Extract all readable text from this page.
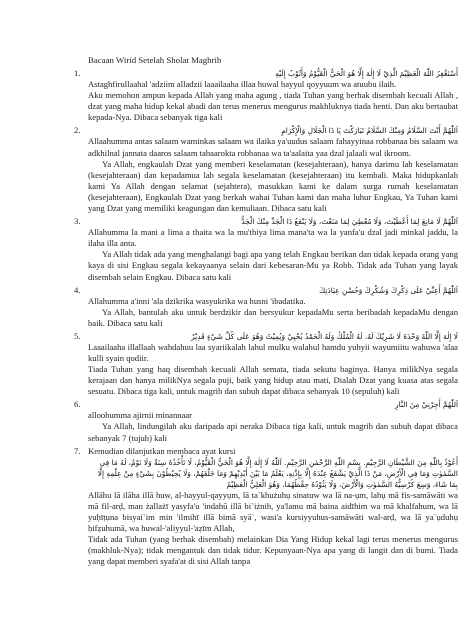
Bacaan Wirid Setelah Sholat Maghrib
1.	أَسْتَغْفِرُ اللّٰهَ الْعَظِيْمَ الَّذِيْ لَا إِلٰهَ إِلَّا هُوَ الْحَيُّ الْقَيُّوْمُ وَأَتُوْبُ إِلَيْهِ
Astaghfirullaahal 'adziim alladzii laaailaaha illaa huwal hayyul qoyyuum wa atuubu ilaih.
Aku memohon ampun kepada Allah yang maha agung , tiada Tuhan yang berhak disembah kecuali Allah , dzat yang maha hidup kekal abadi dan terus menerus mengurus makhluknya tiada henti. Dan aku bertaubat kepada-Nya. Dibaca sebanyak tiga kali
2.	اَللّٰهُمَّ أَنْتَ السَّلَامُ وَمِنْكَ السَّلَامُ تَبَارَكْتَ يَا ذَا الْجَلَالِ وَالْإِكْرَامِ
Allaahumma antas salaam waminkas salaam wa ilaika ya'uudus salaam fahayyinaa robbanaa bis salaam wa adkhilnal jannata daaros salaam tabaarokta robbanaa wa ta'aalaita yaa dzal jalaali wal ikroom.
Ya Allah, engkaulah Dzat yang memberi keselamatan (kesejahteraan), hanya darimu lah keselamatan (kesejahteraan) dan kepadamua lah segala keselamatan (kesejahteraan) itu kembali. Maka hidupkanlah kami Ya Allah dengan selamat (sejahtera), masukkan kami ke dalam surga rumah keselamatan (kesejahteraan), Engkaulah Dzat yang berkah wahai Tuhan kami dan maha luhur Engkau, Ya Tuhan kami yang Dzat yang memiliki keagungan dan kemuliaan. Dibaca satu kali
3.	اَللّٰهُمَّ لَا مَانِعَ لِمَا أَعْطَيْتَ، وَلَا مُعْطِيَ لِمَا مَنَعْتَ، وَلَا يَنْفَعُ ذَا الْجَدِّ مِنْكَ الْجَدُّ
Allahumma la mani a lima a thaita wa la mu'thiya lima mana'ta wa la yanfa'u dzal jadi minkal jaddu, la ilaha illa anta.
Ya Allah tidak ada yang menghalangi bagi apa yang telah Engkau berikan dan tidak kepada orang yang kaya di sisi Engkau segala kekayaanya selain dari kebesaran-Mu ya Robb. Tidak ada Tuhan yang layak disembah selain Engkau. Dibaca satu kali
4.	اَللّٰهُمَّ أَعِنِّيْ عَلَى ذِكْرِكَ وَشُكْرِكَ وَحُسْنِ عِبَادَتِكَ
Allahumma a'inni 'ala dzikrika wasyukrika wa husni 'ibadatika.
Ya Allah, bantulah aku untuk berdzikir dan bersyukur kepadaMu serta beribadah kepadaMu dengan baik. Dibaca satu kali
5.	لَا إِلٰهَ إِلَّا اللّٰهُ وَحْدَهُ لَا شَرِيْكَ لَهُ، لَهُ الْمُلْكُ وَلَهُ الْحَمْدُ يُحْيِيْ وَيُمِيْتُ وَهُوَ عَلَى كُلِّ شَيْءٍ قَدِيْرٌ
Laaailaaha illallaah wahdahuu laa syariikalah lahul mulku walahul hamdu yuhyii wayumiitu wahuwa 'alaa kulli syain qodiir.
Tiada Tuhan yang haq disembah kecuali Allah semata, tiada sekutu baginya. Hanya milikNya segala kerajaan dan hanya milikNya segala puji, baik yang hidup atau mati, Dialah Dzat yang kuasa atas segala sesuatu. Dibaca tiga kali, untuk magrib dan subuh dapat dibaca sebanyak 10 (sepuluh) kali
6.	اَللّٰهُمَّ أَجِرْنِيْ مِنَ النَّارِ
alloohumma ajirnii minannaar
Ya Allah, lindungilah aku daripada api neraka Dibaca tiga kali, untuk magrib dan subuh dapat dibaca sebanyak 7 (tujuh) kali
7. Kemudian dilanjutkan membaca ayat kursi
أَعُوْذُ بِاللّٰهِ مِنَ الشَّيْطَانِ الرَّجِيْمِ. بِسْمِ اللّٰهِ الرَّحْمٰنِ الرَّحِيْمِ. اَللّٰهُ لَا إِلٰهَ إِلَّا هُوَ الْحَيُّ الْقَيُّوْمُ، لَا تَأْخُذُهُ سِنَةٌ وَلَا نَوْمٌ، لَهُ مَا فِي السَّمٰوٰتِ وَمَا فِي الْأَرْضِ، مَنْ ذَا الَّذِيْ يَشْفَعُ عِنْدَهُ إِلَّا بِإِذْنِهِ، يَعْلَمُ مَا بَيْنَ أَيْدِيْهِمْ وَمَا خَلْفَهُمْ، وَلَا يُحِيْطُوْنَ بِشَيْءٍ مِنْ عِلْمِهِ إِلَّا بِمَا شَاءَ، وَسِعَ كُرْسِيُّهُ السَّمٰوٰتِ وَالْأَرْضَ، وَلَا يَئُوْدُهُ حِفْظُهُمَا، وَهُوَ الْعَلِيُّ الْعَظِيْمُ
Allāhu lā ilāha illā huw, al-hayyul-qayyụm, lā ta`khużuhụ sinatuw wa lā na-ụm, lahụ mā fis-samāwāti wa mā fil-arḍ, man żallażī yasyfa'u 'indahū illā bi`iżnih, ya'lamu mā baina aidīhim wa mā khalfahum, wa lā yuḥīṭụna bisyai`im min 'ilmihī illā bimā syā`, wasi'a kursiyyuhus-samāwāti wal-arḍ, wa lā ya`ụduhụ ḥifẓuhumā, wa huwal-'aliyyul-'aẓīm Allah,
Tidak ada Tuhan (yang berhak disembah) melainkan Dia Yang Hidup kekal lagi terus menerus mengurus (makhluk-Nya); tidak mengantuk dan tidak tidur. Kepunyaan-Nya apa yang di langit dan di bumi. Tiada yang dapat memberi syafa'at di sisi Allah tanpa
